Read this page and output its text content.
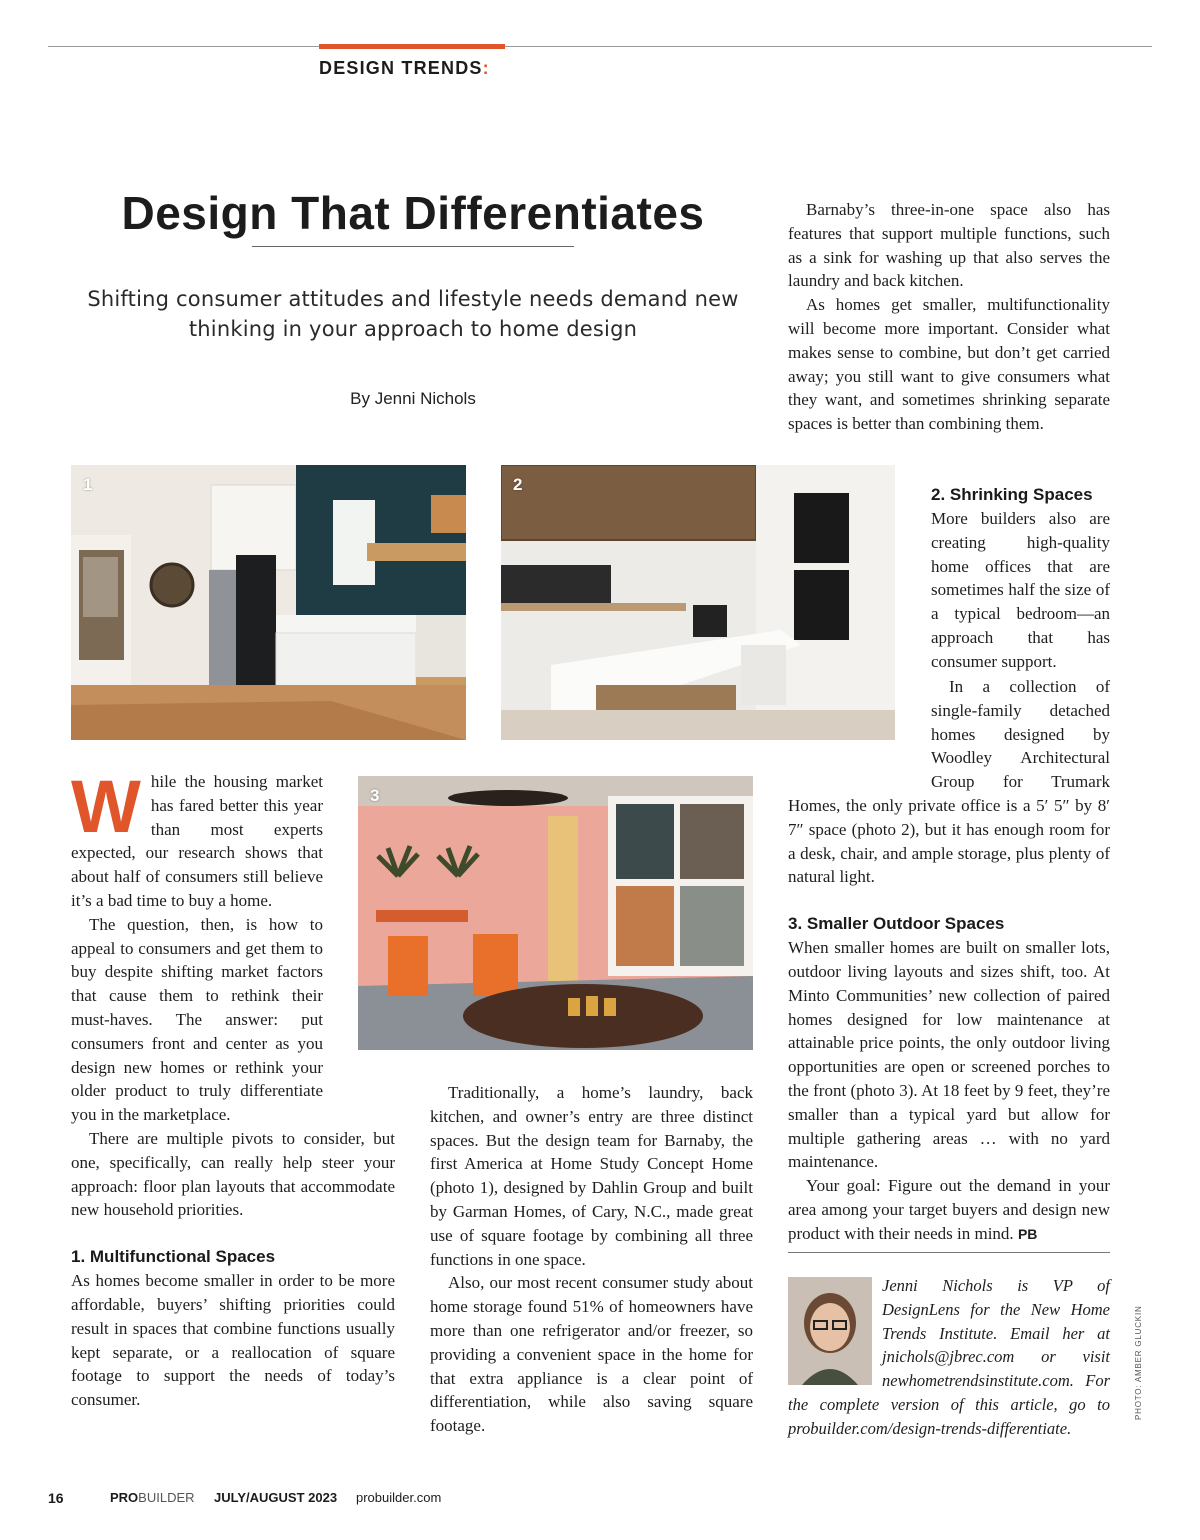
DESIGN TRENDS:
Design That Differentiates
Shifting consumer attitudes and lifestyle needs demand new thinking in your approach to home design
By Jenni Nichols
1	2
3
While the housing market has fared better this year than most experts expected, our research shows that about half of consumers still believe it’s a bad time to buy a home.

The question, then, is how to appeal to consumers and get them to buy despite shifting market factors that cause them to rethink their must-haves. The answer: put consumers front and center as you design new homes or rethink your older product to truly differentiate you in the marketplace.

There are multiple pivots to consider, but one, specifically, can really help steer your approach: floor plan layouts that accommodate new household priorities.

1. Multifunctional Spaces

As homes become smaller in order to be more affordable, buyers’ shifting priorities could result in spaces that combine functions usually kept separate, or a reallocation of square footage to support the needs of today’s consumer.

Traditionally, a home’s laundry, back kitchen, and owner’s entry are three distinct spaces. But the design team for Barnaby, the first America at Home Study Concept Home (photo 1), designed by Dahlin Group and built by Garman Homes, of Cary, N.C., made great use of square footage by combining all three functions in one space.

Also, our most recent consumer study about home storage found 51% of homeowners have more than one refrigerator and/or freezer, so providing a convenient space in the home for that extra appliance is a clear point of differentiation, while also saving square footage.

Barnaby’s three-in-one space also has features that support multiple functions, such as a sink for washing up that also serves the laundry and back kitchen.

As homes get smaller, multifunctionality will become more important. Consider what makes sense to combine, but don’t get carried away; you still want to give consumers what they want, and sometimes shrinking separate spaces is better than combining them.

2. Shrinking Spaces

More builders also are creating high-quality home offices that are sometimes half the size of a typical bedroom—an approach that has consumer support.

In a collection of single-family detached homes designed by Woodley Architectural Group for Trumark Homes, the only private office is a 5′ 5″ by 8′ 7″ space (photo 2), but it has enough room for a desk, chair, and ample storage, plus plenty of natural light.

3. Smaller Outdoor Spaces

When smaller homes are built on smaller lots, outdoor living layouts and sizes shift, too. At Minto Communities’ new collection of paired homes designed for low maintenance at attainable price points, the only outdoor living opportunities are open or screened porches to the front (photo 3). At 18 feet by 9 feet, they’re smaller than a typical yard but allow for multiple gathering areas … with no yard maintenance.

Your goal: Figure out the demand in your area among your target buyers and design new product with their needs in mind. PB

Jenni Nichols is VP of DesignLens for the New Home Trends Institute. Email her at jnichols@jbrec.com or visit newhometrendsinstitute.com. For the complete version of this article, go to probuilder.com/design-trends-differentiate.
PHOTO: AMBER GLUCKIN
16	PROBUILDER JULY/AUGUST 2023 probuilder.com
